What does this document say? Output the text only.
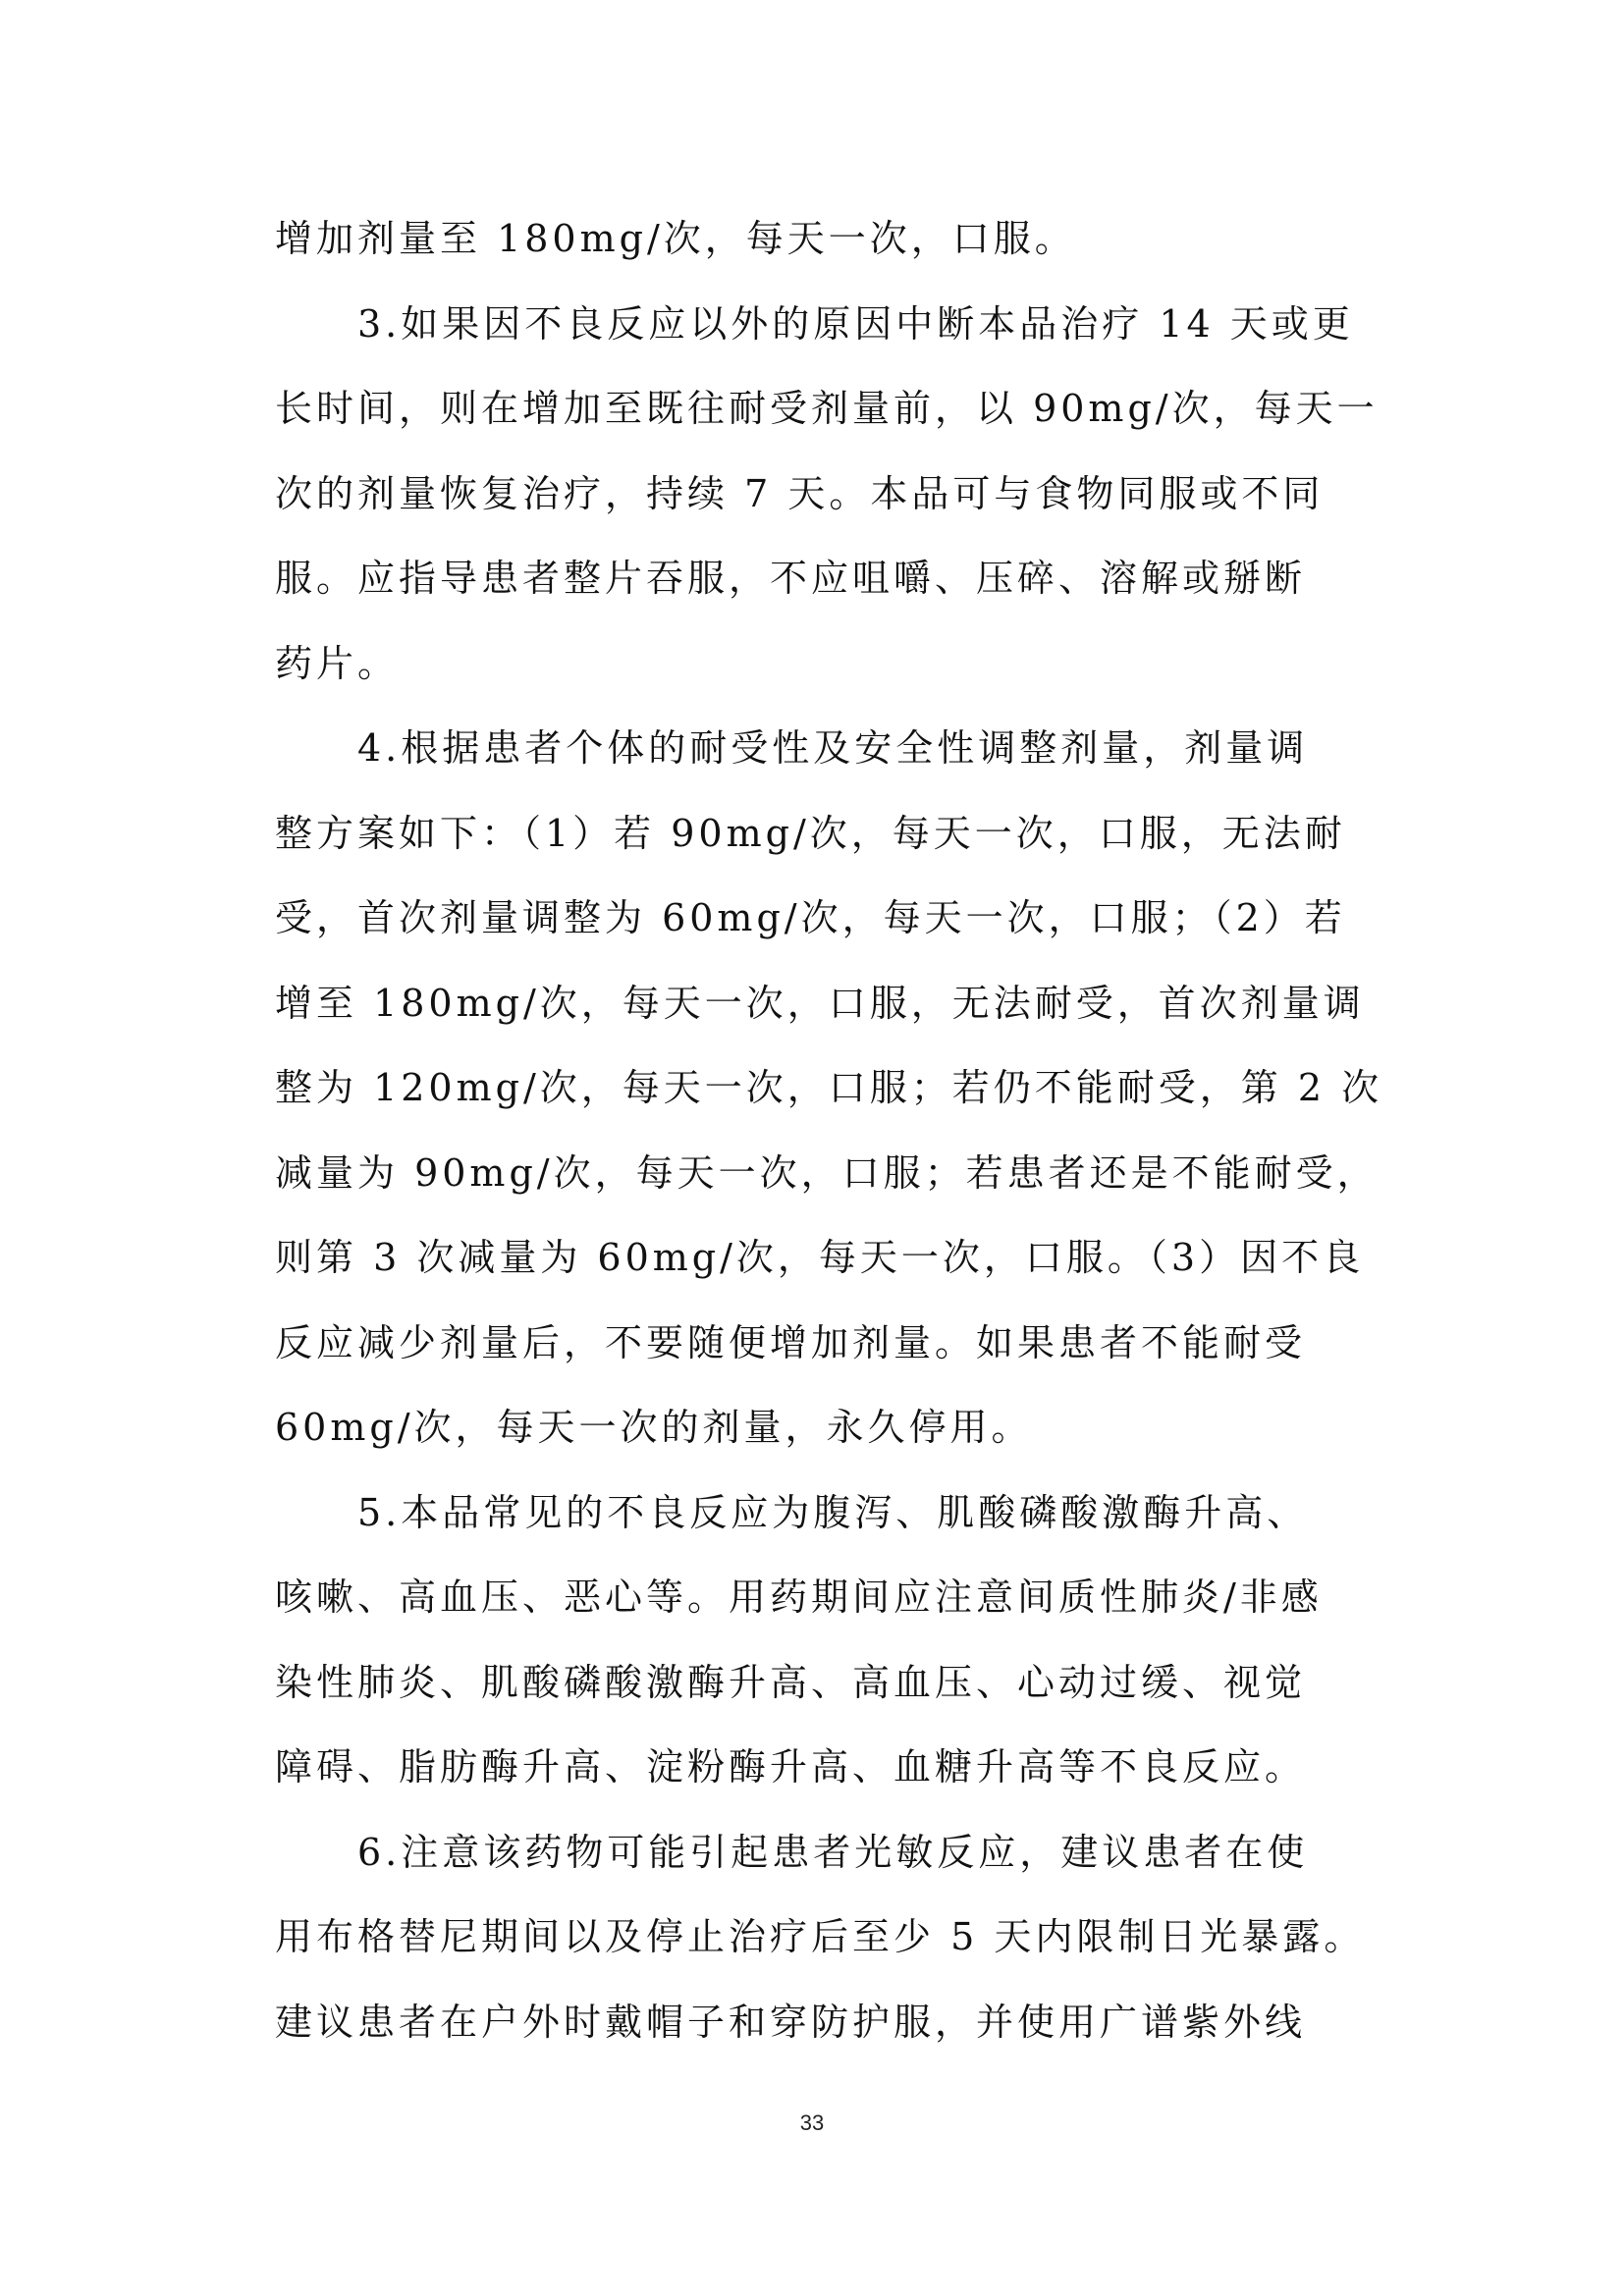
增加剂量至 180mg/次，每天一次，口服。

3.如果因不良反应以外的原因中断本品治疗 14 天或更
长时间，则在增加至既往耐受剂量前，以 90mg/次，每天一
次的剂量恢复治疗，持续 7 天。本品可与食物同服或不同
服。应指导患者整片吞服，不应咀嚼、压碎、溶解或掰断
药片。

4.根据患者个体的耐受性及安全性调整剂量，剂量调
整方案如下：（1）若 90mg/次，每天一次，口服，无法耐
受，首次剂量调整为 60mg/次，每天一次，口服；（2）若
增至 180mg/次，每天一次，口服，无法耐受，首次剂量调
整为 120mg/次，每天一次，口服；若仍不能耐受，第 2 次
减量为 90mg/次，每天一次，口服；若患者还是不能耐受，
则第 3 次减量为 60mg/次，每天一次，口服。（3）因不良
反应减少剂量后，不要随便增加剂量。如果患者不能耐受
60mg/次，每天一次的剂量，永久停用。

5.本品常见的不良反应为腹泻、肌酸磷酸激酶升高、
咳嗽、高血压、恶心等。用药期间应注意间质性肺炎/非感
染性肺炎、肌酸磷酸激酶升高、高血压、心动过缓、视觉
障碍、脂肪酶升高、淀粉酶升高、血糖升高等不良反应。

6.注意该药物可能引起患者光敏反应，建议患者在使
用布格替尼期间以及停止治疗后至少 5 天内限制日光暴露。
建议患者在户外时戴帽子和穿防护服，并使用广谱紫外线

33
